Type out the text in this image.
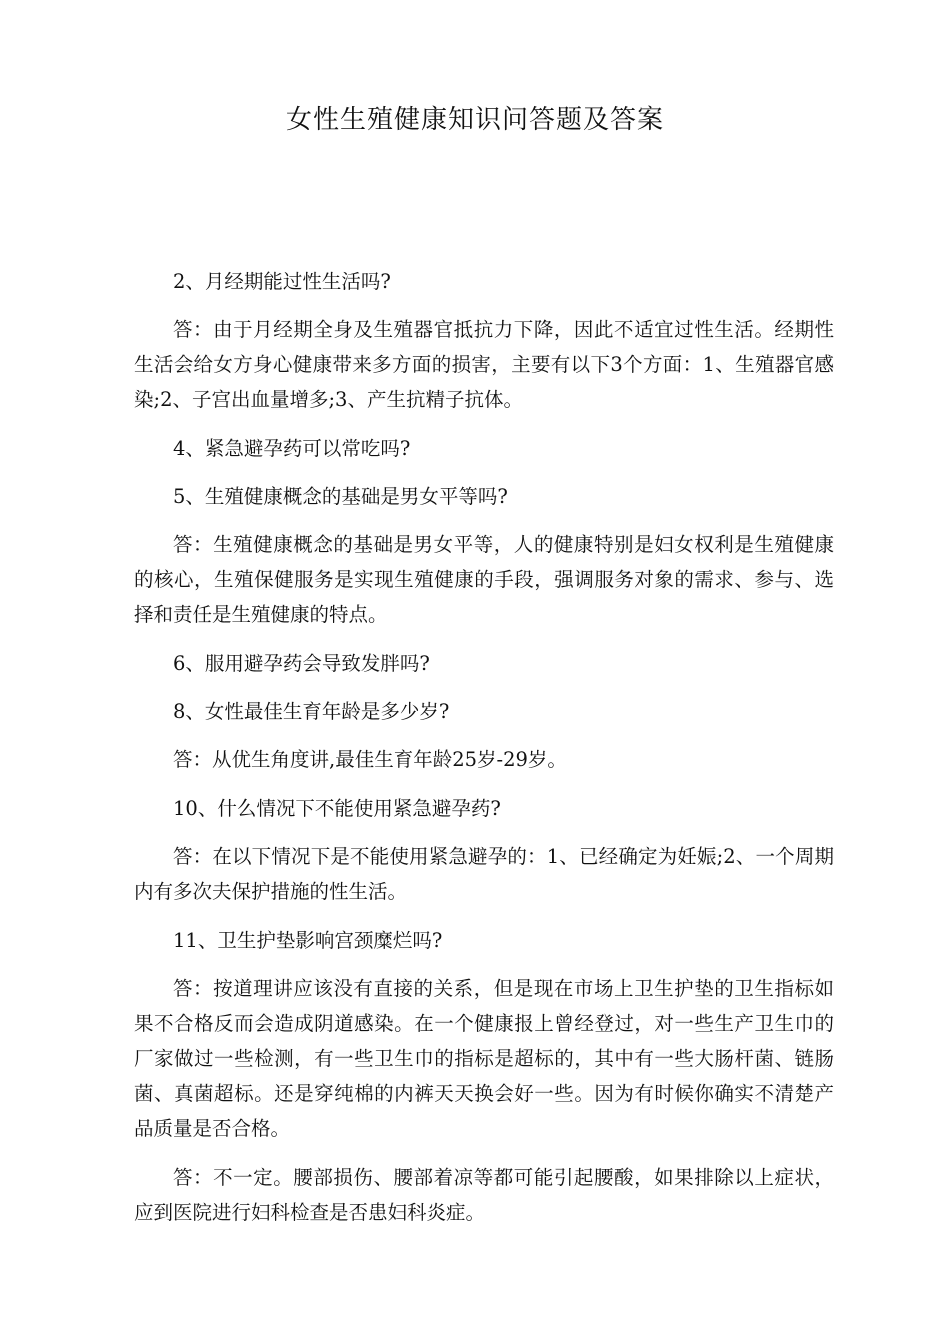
女性生殖健康知识问答题及答案

2、月经期能过性生活吗?

答：由于月经期全身及生殖器官抵抗力下降，因此不适宜过性生活。经期性生活会给女方身心健康带来多方面的损害，主要有以下3个方面：1、生殖器官感染;2、子宫出血量增多;3、产生抗精子抗体。

4、紧急避孕药可以常吃吗?

5、生殖健康概念的基础是男女平等吗?

答：生殖健康概念的基础是男女平等，人的健康特别是妇女权利是生殖健康的核心，生殖保健服务是实现生殖健康的手段，强调服务对象的需求、参与、选择和责任是生殖健康的特点。

6、服用避孕药会导致发胖吗?

8、女性最佳生育年龄是多少岁?

答：从优生角度讲,最佳生育年龄25岁-29岁。

10、什么情况下不能使用紧急避孕药?

答：在以下情况下是不能使用紧急避孕的：1、已经确定为妊娠;2、一个周期内有多次夫保护措施的性生活。

11、卫生护垫影响宫颈糜烂吗?

答：按道理讲应该没有直接的关系，但是现在市场上卫生护垫的卫生指标如果不合格反而会造成阴道感染。在一个健康报上曾经登过，对一些生产卫生巾的厂家做过一些检测，有一些卫生巾的指标是超标的，其中有一些大肠杆菌、链肠菌、真菌超标。还是穿纯棉的内裤天天换会好一些。因为有时候你确实不清楚产品质量是否合格。

答：不一定。腰部损伤、腰部着凉等都可能引起腰酸，如果排除以上症状，应到医院进行妇科检查是否患妇科炎症。
